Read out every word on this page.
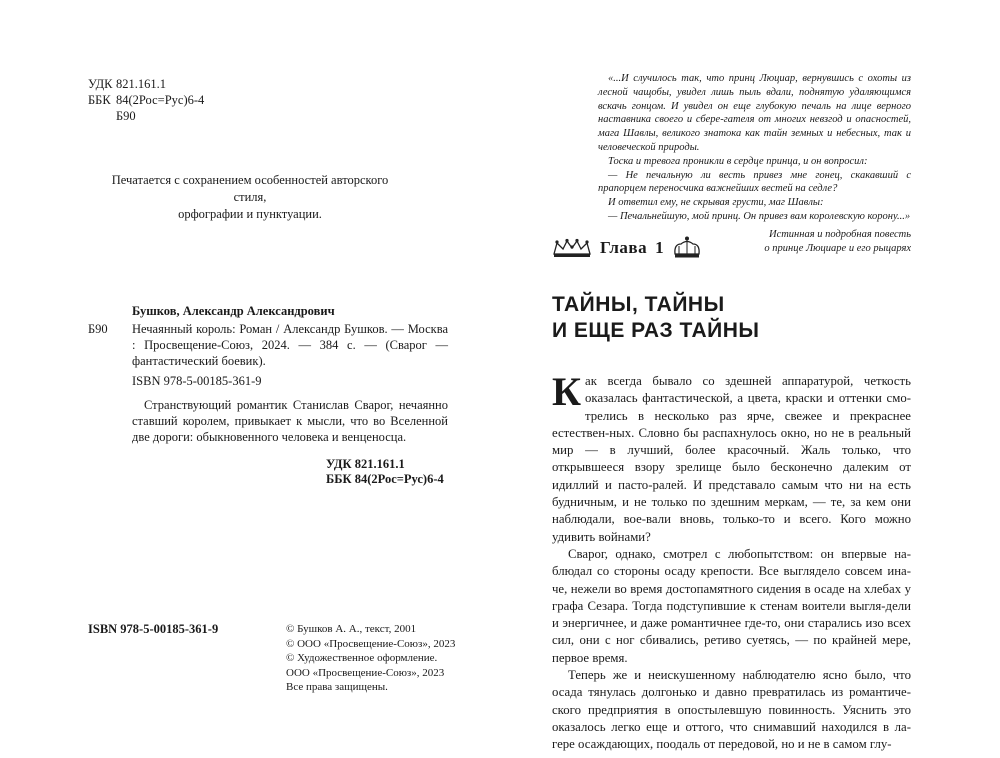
УДК 821.161.1
ББК 84(2Рос=Рус)6-4
Б90
Печатается с сохранением особенностей авторского стиля,
орфографии и пунктуации.
Бушков, Александр Александрович
Б90	Нечаянный король: Роман / Александр Бушков. — Москва : Просвещение-Союз, 2024. — 384 с. — (Сварог — фантастический боевик).
ISBN 978-5-00185-361-9
Странствующий романтик Станислав Сварог, нечаянно ставший королем, привыкает к мысли, что во Вселенной две дороги: обыкновенного человека и венценосца.
УДК 821.161.1
ББК 84(2Рос=Рус)6-4
ISBN 978-5-00185-361-9	© Бушков А. А., текст, 2001
© ООО «Просвещение-Союз», 2023
© Художественное оформление.
ООО «Просвещение-Союз», 2023
Все права защищены.

«...И случилось так, что принц Люциар, вернувшись с охоты из лесной чащобы, увидел лишь пыль вдали, поднятую удаляющимся вскачь гонцом. И увидел он еще глубокую печаль на лице верного наставника своего и сбере-гателя от многих невзгод и опасностей, мага Шавлы, великого знатока как тайн земных и небесных, так и человеческой природы.

Тоска и тревога проникли в сердце принца, и он вопросил:

— Не печальную ли весть привез мне гонец, скакавший с прапорцем переносчика важнейших вестей на седле?

И ответил ему, не скрывая грусти, маг Шавлы:

— Печальнейшую, мой принц. Он привез вам королевскую корону...»

Истинная и подробная повесть
о принце Люциаре и его рыцарях

Глава 1
ТАЙНЫ, ТАЙНЫ
И ЕЩЕ РАЗ ТАЙНЫ

Как всегда бывало со здешней аппаратурой, четкость оказалась фантастической, а цвета, краски и оттенки смо-трелись в несколько раз ярче, свежее и прекраснее естествен-ных. Словно бы распахнулось окно, но не в реальный мир — в лучший, более красочный. Жаль только, что открывшееся взору зрелище было бесконечно далеким от идиллий и пасто-ралей. И представало самым что ни на есть будничным, и не только по здешним меркам, — те, за кем они наблюдали, вое-вали вновь, только-то и всего. Кого можно удивить войнами?

Сварог, однако, смотрел с любопытством: он впервые на-блюдал со стороны осаду крепости. Все выглядело совсем ина-че, нежели во время достопамятного сидения в осаде на хлебах у графа Сезара. Тогда подступившие к стенам воители выгля-дели и энергичнее, и даже романтичнее где-то, они старались изо всех сил, они с ног сбивались, ретиво суетясь, — по крайней мере, первое время.

Теперь же и неискушенному наблюдателю ясно было, что осада тянулась долгонько и давно превратилась из романтиче-ского предприятия в опостылевшую повинность. Уяснить это оказалось легко еще и оттого, что снимавший находился в ла-гере осаждающих, поодаль от передовой, но и не в самом глу-
